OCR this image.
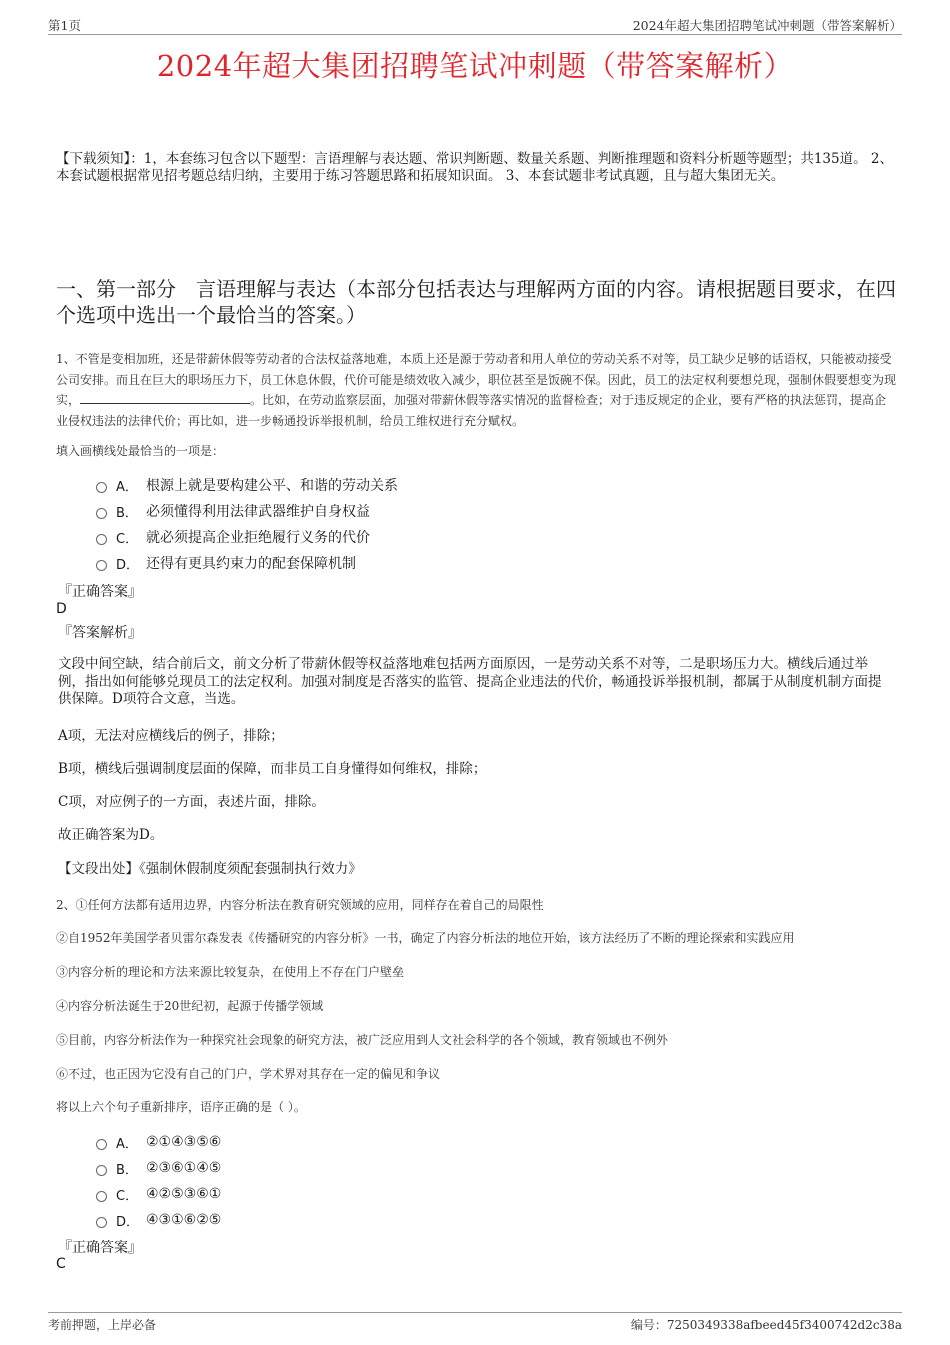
第1页	2024年超大集团招聘笔试冲刺题（带答案解析）
2024年超大集团招聘笔试冲刺题（带答案解析）
【下载须知】：1，本套练习包含以下题型：言语理解与表达题、常识判断题、数量关系题、判断推理题和资料分析题等题型；共135道。 2、本套试题根据常见招考题总结归纳，主要用于练习答题思路和拓展知识面。 3、本套试题非考试真题，且与超大集团无关。
一、第一部分　言语理解与表达（本部分包括表达与理解两方面的内容。请根据题目要求，在四个选项中选出一个最恰当的答案。）
1、不管是变相加班，还是带薪休假等劳动者的合法权益落地难，本质上还是源于劳动者和用人单位的劳动关系不对等，员工缺少足够的话语权，只能被动接受公司安排。而且在巨大的职场压力下，员工休息休假，代价可能是绩效收入减少，职位甚至是饭碗不保。因此，员工的法定权利要想兑现，强制休假要想变为现实，	。比如，在劳动监察层面，加强对带薪休假等落实情况的监督检查；对于违反规定的企业，要有严格的执法惩罚，提高企业侵权违法的法律代价；再比如，进一步畅通投诉举报机制，给员工维权进行充分赋权。
填入画横线处最恰当的一项是：
A． 根源上就是要构建公平、和谐的劳动关系
B． 必须懂得利用法律武器维护自身权益
C． 就必须提高企业拒绝履行义务的代价
D． 还得有更具约束力的配套保障机制
『正确答案』
D
『答案解析』
文段中间空缺，结合前后文，前文分析了带薪休假等权益落地难包括两方面原因，一是劳动关系不对等，二是职场压力大。横线后通过举例，指出如何能够兑现员工的法定权利。加强对制度是否落实的监管、提高企业违法的代价，畅通投诉举报机制，都属于从制度机制方面提供保障。D项符合文意，当选。
A项，无法对应横线后的例子，排除；
B项，横线后强调制度层面的保障，而非员工自身懂得如何维权，排除；
C项，对应例子的一方面，表述片面，排除。
故正确答案为D。
【文段出处】《强制休假制度须配套强制执行效力》
2、①任何方法都有适用边界，内容分析法在教育研究领域的应用，同样存在着自己的局限性
②自1952年美国学者贝雷尔森发表《传播研究的内容分析》一书，确定了内容分析法的地位开始，该方法经历了不断的理论探索和实践应用
③内容分析的理论和方法来源比较复杂，在使用上不存在门户壁垒
④内容分析法诞生于20世纪初，起源于传播学领域
⑤目前，内容分析法作为一种探究社会现象的研究方法，被广泛应用到人文社会科学的各个领域，教育领域也不例外
⑥不过，也正因为它没有自己的门户，学术界对其存在一定的偏见和争议
将以上六个句子重新排序，语序正确的是（ ）。
A． ②①④③⑤⑥
B． ②③⑥①④⑤
C． ④②⑤③⑥①
D． ④③①⑥②⑤
『正确答案』
C
考前押题，上岸必备	编号：7250349338afbeed45f3400742d2c38a
